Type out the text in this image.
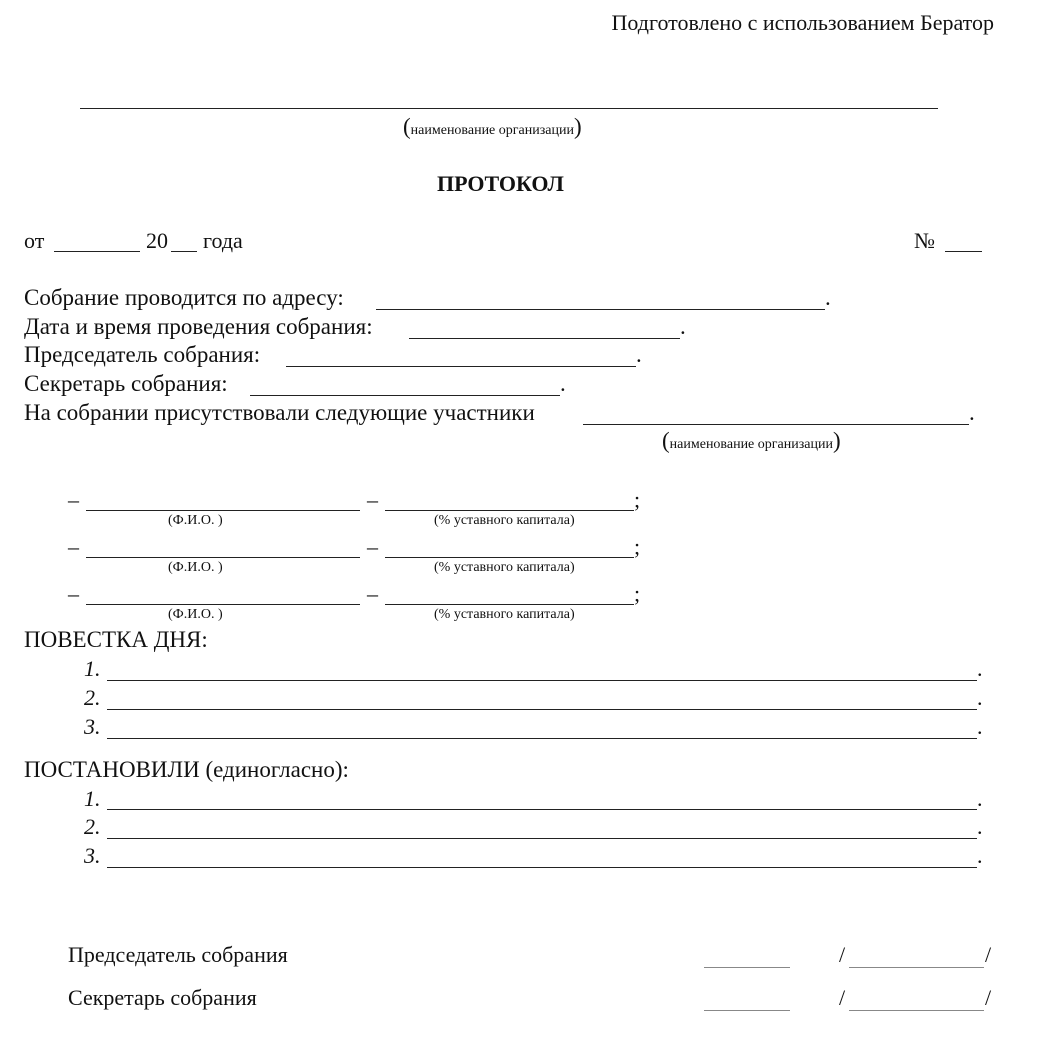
Подготовлено с использованием Бератор
(наименование организации)
ПРОТОКОЛ
от	20 года	№
Собрание проводится по адресу:	.
Дата и время проведения собрания:	.
Председатель собрания:	.
Секретарь собрания:	.
На собрании присутствовали следующие участники	.
(наименование организации)
–	–	;
(Ф.И.О. )	(% уставного капитала)
–	–	;
(Ф.И.О. )	(% уставного капитала)
–	–	;
(Ф.И.О. )	(% уставного капитала)
ПОВЕСТКА ДНЯ:
1.	.
2.	.
3.	.
ПОСТАНОВИЛИ (единогласно):
1.	.
2.	.
3.	.
Председатель собрания	/	/
Секретарь собрания	/	/
